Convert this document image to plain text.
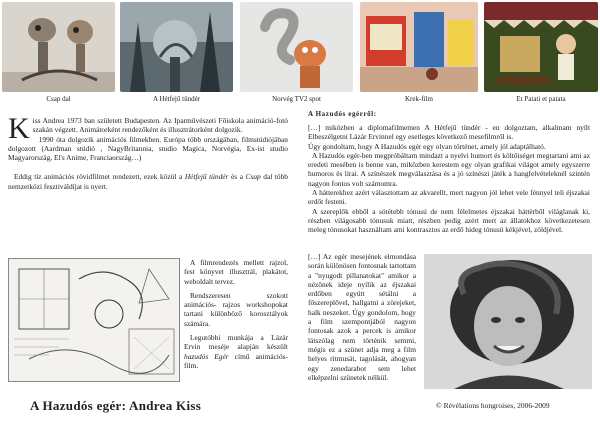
Csap dal	A Hétfejű tündér	Norvég TV2 spot	Krek-film	Et Patati et patata

Kiss Andrea 1973 ban született Budapesten. Az Iparművészeti Főiskola animáció-fotó szakán végzett. Animátorként rendezőként és illusztrátorként dolgozik.

1990 óta dolgozik animációs filmekben. Európa több országában, filmstúdiójában dolgozott (Aardman stúdió , NagyBritannia, studio Magica, Norvégia, Ex-ist studio Magyarország, El's Anime, Franciaország…)

Eddig tíz animációs rövidfilmet rendezett, ezek közül a Hétfejű tündér és a Csap dal több nemzetközi fesztiváldíjat is nyert.

A filmrendezés mellett rajzol, fest könyvet illusztrál, plakátot, weboldalt tervez.

Rendszeresen szokott animációs- rajzos workshopokat tartani különböző korosztályok számára.

Legutóbbi munkája a Lázár Ervin meséje alapján készült hazudós Egér című animációs-film.

A Hazudós egérről:

[…] miközben a diplomafilmemen A Hétfejű tündér - en dolgoztam, alkalmam nyílt Elbeszélgetni Lázár Ervinnel egy esetleges következő mesefilmről is.

Úgy gondoltam, hogy A Hazudós egér egy olyan történet, amely jól adaptálható.

A Hazudós egér-ben megpróbáltam mindazt a nyelvi humort és költőiséget megtartani ami az eredeti mesében is benne van, miközben kerestem egy olyan grafikai világot amely egyszerre humoros és lírai. A színészek megválasztása és a jó színészi játék a hangfelvételeknél szintén nagyon fontos volt számomra.

A hátterekhez azért választottam az akvarellt, mert nagyon jól lehet vele fénnyel teli éjszakai erdőt festeni.

A szereplők ebből a sötétebb tónusú de nem félelmetes éjszakai háttérből világlanak ki, részben világosabb tónusuk miatt, részben pedig azért mert az állatokhoz következetesen meleg tónusokat használtam ami kontrasztos az erdő hideg tónusú kékjével, zöldjével.

[…] Az egér mesejének elmondása során különösen fontosnak tartottam a "nyugodt pillanatokat" amikor a nézőnek ideje nyílik az éjszakai erdőben együtt sétálni a főszereplővel, hallgatni a zörejeket, halk neszeket. Úgy gondolom, hogy a film szempontjából nagyon fontosak azok a percek is amikor látszólag nem történik semmi, mégis ez a szünet adja meg a film helyes ritmusát, tagolását, ahogyan egy zenedarabot sem lehet elképzelni szünetek nélkül.

A Hazudós egér: Andrea Kiss	© Révélations hongroises, 2006-2009
